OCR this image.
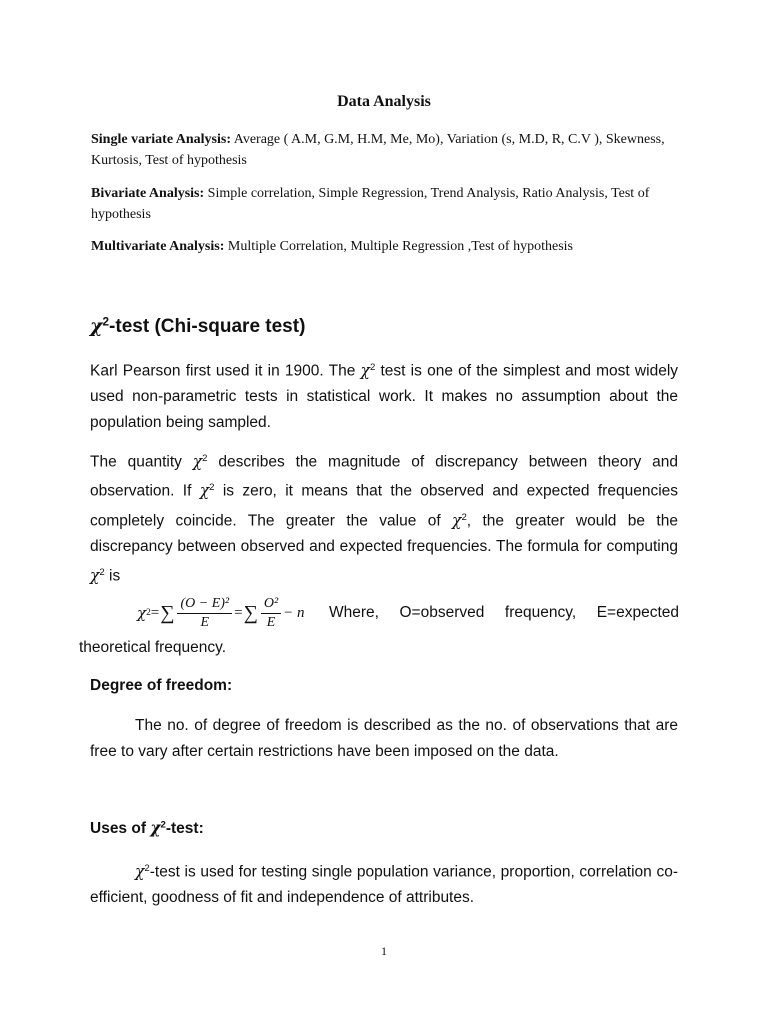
Data Analysis
Single variate Analysis: Average ( A.M, G.M, H.M, Me, Mo), Variation (s, M.D, R, C.V ), Skewness, Kurtosis, Test of hypothesis
Bivariate Analysis: Simple correlation, Simple Regression, Trend Analysis, Ratio Analysis, Test of hypothesis
Multivariate Analysis: Multiple Correlation, Multiple Regression ,Test of hypothesis
$\chi^2$-test (Chi-square test)
Karl Pearson first used it in 1900. The $\chi^2$ test is one of the simplest and most widely used non-parametric tests in statistical work. It makes no assumption about the population being sampled.
The quantity $\chi^2$ describes the magnitude of discrepancy between theory and observation. If $\chi^2$ is zero, it means that the observed and expected frequencies completely coincide. The greater the value of $\chi^2$, the greater would be the discrepancy between observed and expected frequencies. The formula for computing $\chi^2$ is
χ 2 = ∑ $\frac{\text{(O − E)²}}{E}$ = ∑ $\frac{\text{O²}}{E} - n$ Where, O=observed frequency, E=expected
theoretical frequency.
Degree of freedom:
The no. of degree of freedom is described as the no. of observations that are free to vary after certain restrictions have been imposed on the data.
Uses of $\chi^2$-test:
$\chi^2$-test is used for testing single population variance, proportion, correlation co-efficient, goodness of fit and independence of attributes.
1
